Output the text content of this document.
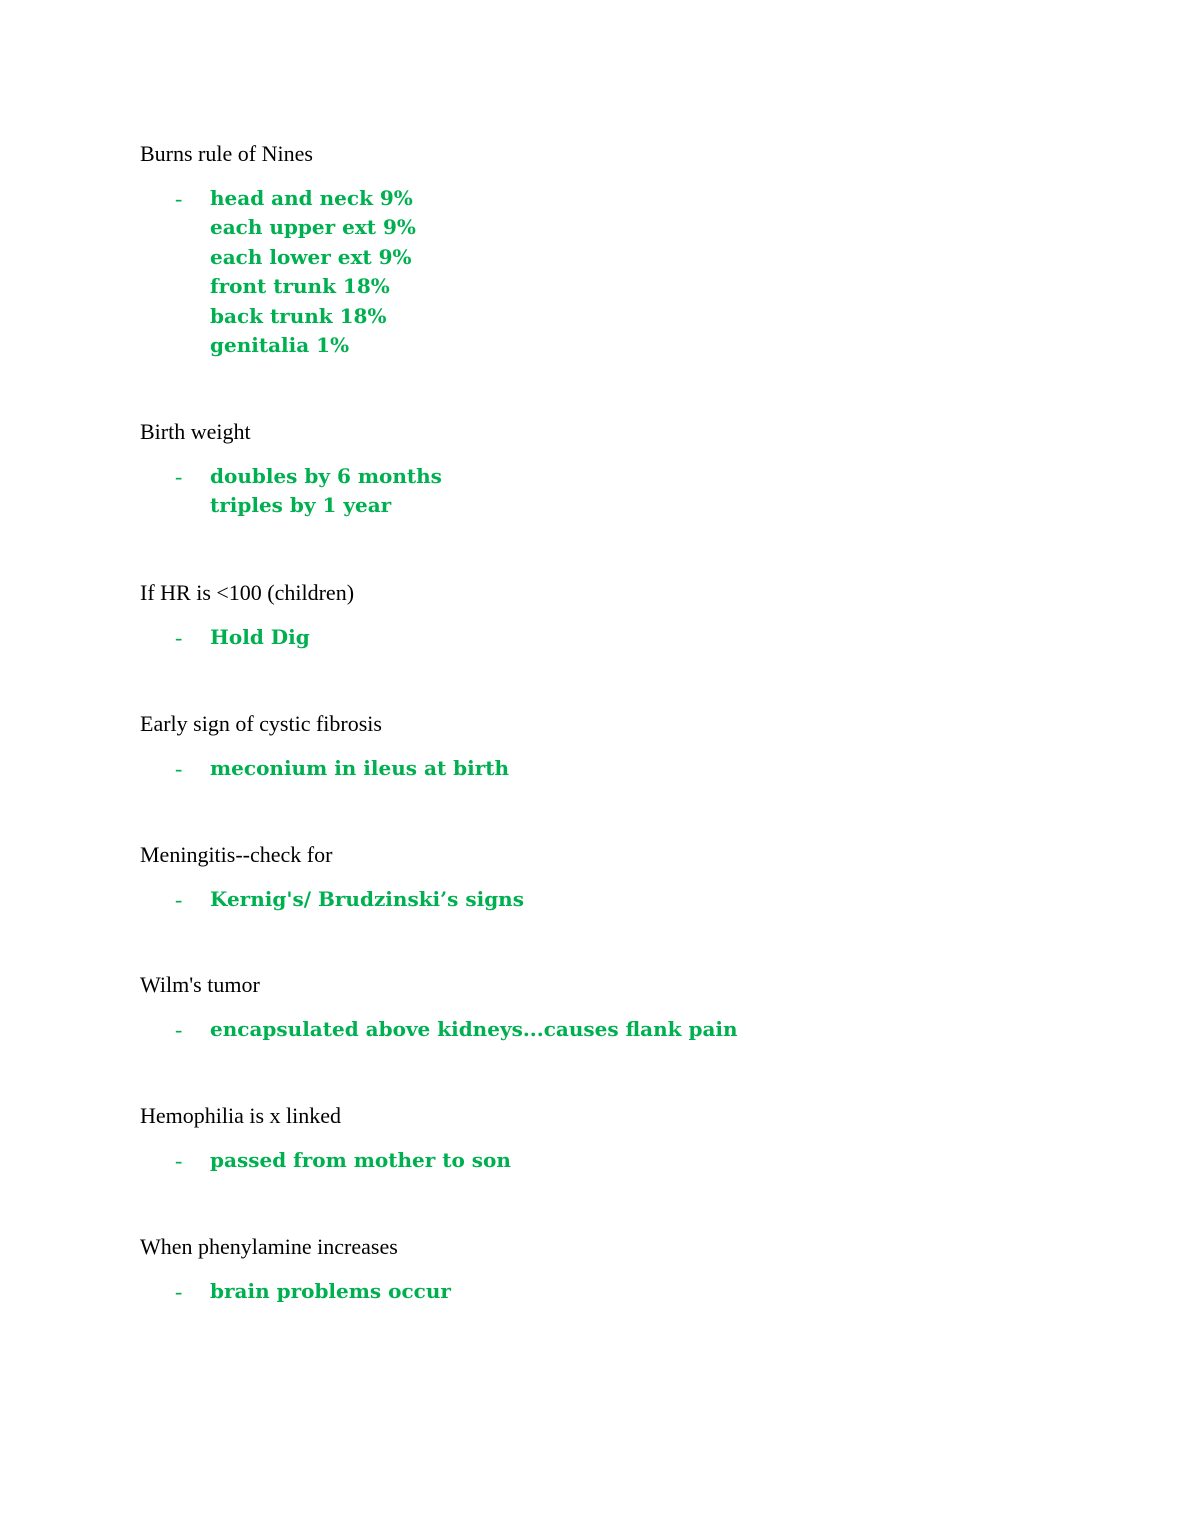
Burns rule of Nines
- head and neck 9%
each upper ext 9%
each lower ext 9%
front trunk 18%
back trunk 18%
genitalia 1%
Birth weight
- doubles by 6 months
triples by 1 year
If HR is <100 (children)
- Hold Dig
Early sign of cystic fibrosis
- meconium in ileus at birth
Meningitis--check for
- Kernig's/ Brudzinski’s signs
Wilm's tumor
- encapsulated above kidneys...causes flank pain
Hemophilia is x linked
- passed from mother to son
When phenylamine increases
- brain problems occur
